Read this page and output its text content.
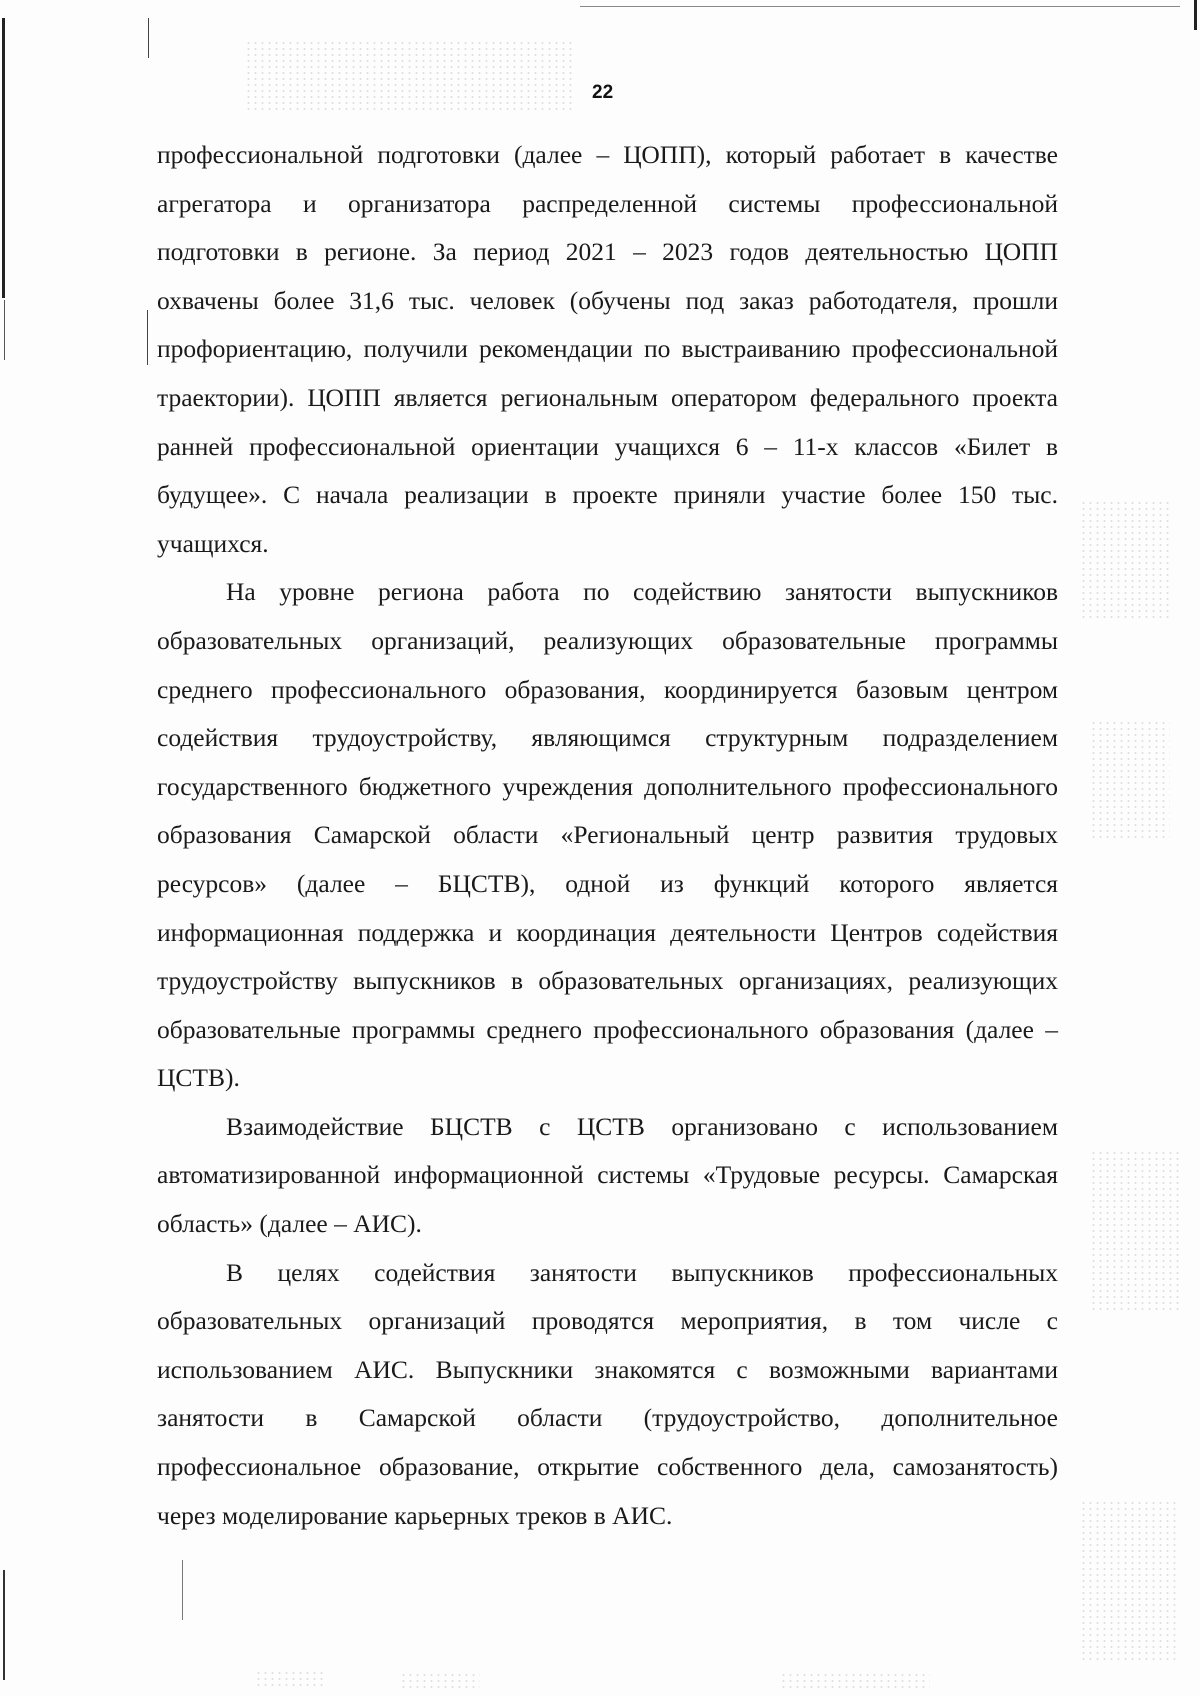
22

профессиональной подготовки (далее – ЦОПП), который работает в качестве агрегатора и организатора распределенной системы профессиональной подготовки в регионе. За период 2021 – 2023 годов деятельностью ЦОПП охвачены более 31,6 тыс. человек (обучены под заказ работодателя, прошли профориентацию, получили рекомендации по выстраиванию профессиональной траектории). ЦОПП является региональным оператором федерального проекта ранней профессиональной ориентации учащихся 6 – 11-х классов «Билет в будущее». С начала реализации в проекте приняли участие более 150 тыс. учащихся.

На уровне региона работа по содействию занятости выпускников образовательных организаций, реализующих образовательные программы среднего профессионального образования, координируется базовым центром содействия трудоустройству, являющимся структурным подразделением государственного бюджетного учреждения дополнительного профессионального образования Самарской области «Региональный центр развития трудовых ресурсов» (далее – БЦСТВ), одной из функций которого является информационная поддержка и координация деятельности Центров содействия трудоустройству выпускников в образовательных организациях, реализующих образовательные программы среднего профессионального образования (далее – ЦСТВ).

Взаимодействие БЦСТВ с ЦСТВ организовано с использованием автоматизированной информационной системы «Трудовые ресурсы. Самарская область» (далее – АИС).

В целях содействия занятости выпускников профессиональных образовательных организаций проводятся мероприятия, в том числе с использованием АИС. Выпускники знакомятся с возможными вариантами занятости в Самарской области (трудоустройство, дополнительное профессиональное образование, открытие собственного дела, самозанятость) через моделирование карьерных треков в АИС.
